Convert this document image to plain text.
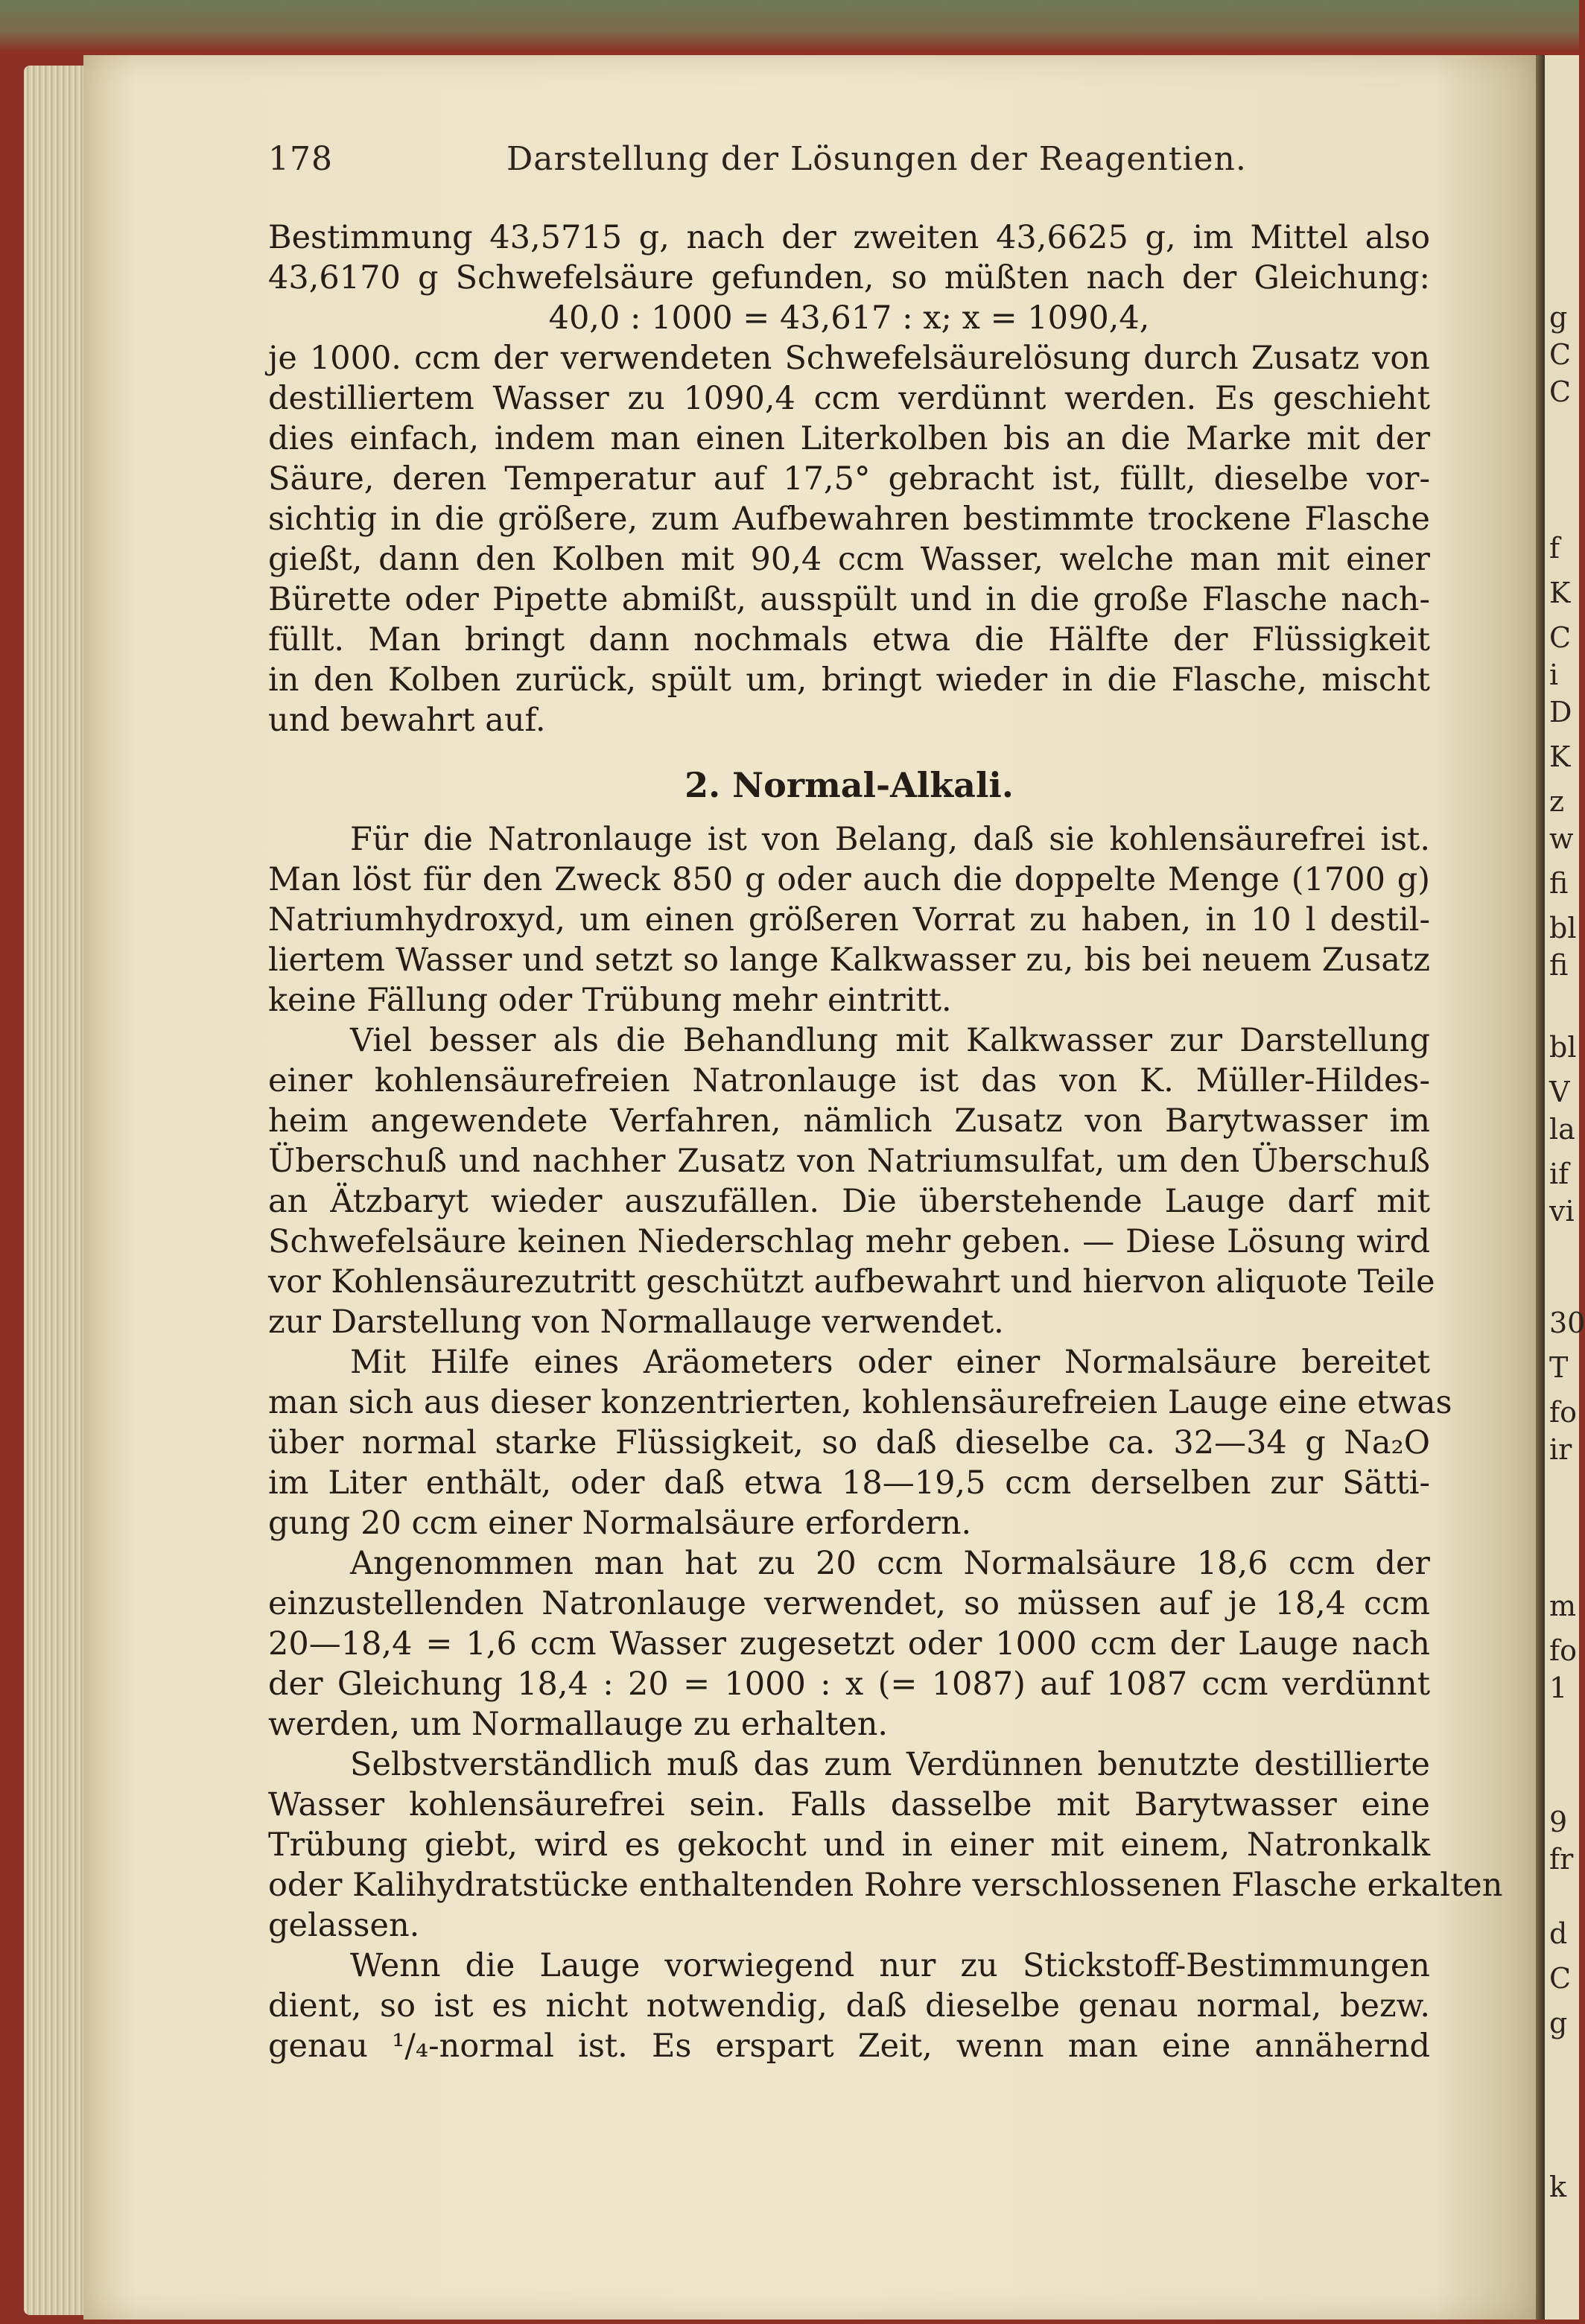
g
C
C
f
K
C
i
D
K
z
w
fi
bl
fi
bl
V
la
if
vi
30
T
fo
ir
m
fo
1
9
fr
d
C
g
k
178	Darstellung der Lösungen der Reagentien.
Bestimmung 43,5715 g, nach der zweiten 43,6625 g, im Mittel also
43,6170 g Schwefelsäure gefunden, so müßten nach der Gleichung:
40,0 : 1000 = 43,617 : x; x = 1090,4,
je 1000. ccm der verwendeten Schwefelsäurelösung durch Zusatz von
destilliertem Wasser zu 1090,4 ccm verdünnt werden. Es geschieht
dies einfach, indem man einen Literkolben bis an die Marke mit der
Säure, deren Temperatur auf 17,5° gebracht ist, füllt, dieselbe vor-
sichtig in die größere, zum Aufbewahren bestimmte trockene Flasche
gießt, dann den Kolben mit 90,4 ccm Wasser, welche man mit einer
Bürette oder Pipette abmißt, ausspült und in die große Flasche nach-
füllt. Man bringt dann nochmals etwa die Hälfte der Flüssigkeit
in den Kolben zurück, spült um, bringt wieder in die Flasche, mischt
und bewahrt auf.
2. Normal-Alkali.
Für die Natronlauge ist von Belang, daß sie kohlensäurefrei ist.
Man löst für den Zweck 850 g oder auch die doppelte Menge (1700 g)
Natriumhydroxyd, um einen größeren Vorrat zu haben, in 10 l destil-
liertem Wasser und setzt so lange Kalkwasser zu, bis bei neuem Zusatz
keine Fällung oder Trübung mehr eintritt.
Viel besser als die Behandlung mit Kalkwasser zur Darstellung
einer kohlensäurefreien Natronlauge ist das von K. Müller-Hildes-
heim angewendete Verfahren, nämlich Zusatz von Barytwasser im
Überschuß und nachher Zusatz von Natriumsulfat, um den Überschuß
an Ätzbaryt wieder auszufällen. Die überstehende Lauge darf mit
Schwefelsäure keinen Niederschlag mehr geben. — Diese Lösung wird
vor Kohlensäurezutritt geschützt aufbewahrt und hiervon aliquote Teile
zur Darstellung von Normallauge verwendet.
Mit Hilfe eines Aräometers oder einer Normalsäure bereitet
man sich aus dieser konzentrierten, kohlensäurefreien Lauge eine etwas
über normal starke Flüssigkeit, so daß dieselbe ca. 32—34 g Na₂O
im Liter enthält, oder daß etwa 18—19,5 ccm derselben zur Sätti-
gung 20 ccm einer Normalsäure erfordern.
Angenommen man hat zu 20 ccm Normalsäure 18,6 ccm der
einzustellenden Natronlauge verwendet, so müssen auf je 18,4 ccm
20—18,4 = 1,6 ccm Wasser zugesetzt oder 1000 ccm der Lauge nach
der Gleichung 18,4 : 20 = 1000 : x (= 1087) auf 1087 ccm verdünnt
werden, um Normallauge zu erhalten.
Selbstverständlich muß das zum Verdünnen benutzte destillierte
Wasser kohlensäurefrei sein. Falls dasselbe mit Barytwasser eine
Trübung giebt, wird es gekocht und in einer mit einem, Natronkalk
oder Kalihydratstücke enthaltenden Rohre verschlossenen Flasche erkalten
gelassen.
Wenn die Lauge vorwiegend nur zu Stickstoff-Bestimmungen
dient, so ist es nicht notwendig, daß dieselbe genau normal, bezw.
genau ¹/₄-normal ist. Es erspart Zeit, wenn man eine annähernd
